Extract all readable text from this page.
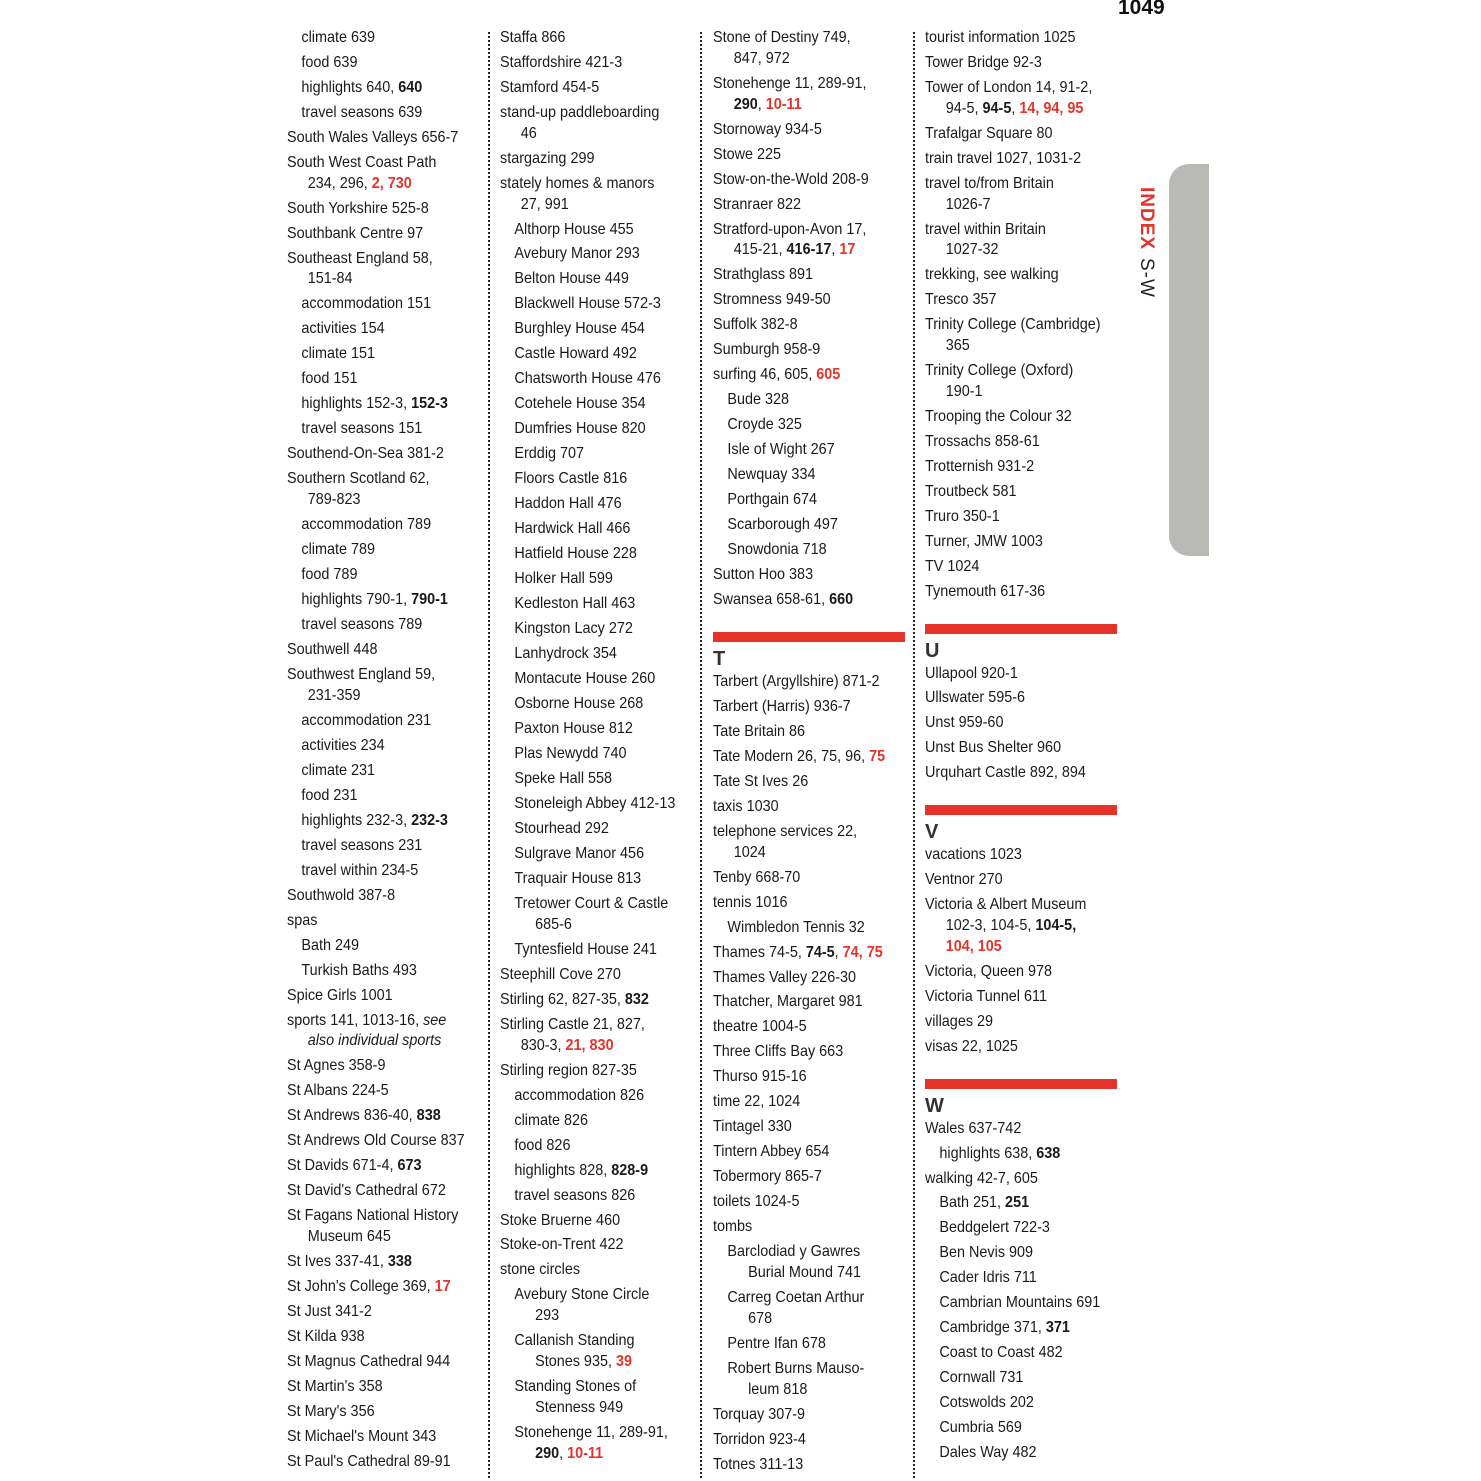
1049
climate 639
food 639
highlights 640, 640
travel seasons 639
South Wales Valleys 656-7
South West Coast Path
234, 296, 2, 730
South Yorkshire 525-8
Southbank Centre 97
Southeast England 58,
151-84
accommodation 151
activities 154
climate 151
food 151
highlights 152-3, 152-3
travel seasons 151
Southend-On-Sea 381-2
Southern Scotland 62,
789-823
accommodation 789
climate 789
food 789
highlights 790-1, 790-1
travel seasons 789
Southwell 448
Southwest England 59,
231-359
accommodation 231
activities 234
climate 231
food 231
highlights 232-3, 232-3
travel seasons 231
travel within 234-5
Southwold 387-8
spas
Bath 249
Turkish Baths 493
Spice Girls 1001
sports 141, 1013-16, see
also individual sports
St Agnes 358-9
St Albans 224-5
St Andrews 836-40, 838
St Andrews Old Course 837
St Davids 671-4, 673
St David's Cathedral 672
St Fagans National History
Museum 645
St Ives 337-41, 338
St John's College 369, 17
St Just 341-2
St Kilda 938
St Magnus Cathedral 944
St Martin's 358
St Mary's 356
St Michael's Mount 343
St Paul's Cathedral 89-91
Staffa 866
Staffordshire 421-3
Stamford 454-5
stand-up paddleboarding
46
stargazing 299
stately homes & manors
27, 991
Althorp House 455
Avebury Manor 293
Belton House 449
Blackwell House 572-3
Burghley House 454
Castle Howard 492
Chatsworth House 476
Cotehele House 354
Dumfries House 820
Erddig 707
Floors Castle 816
Haddon Hall 476
Hardwick Hall 466
Hatfield House 228
Holker Hall 599
Kedleston Hall 463
Kingston Lacy 272
Lanhydrock 354
Montacute House 260
Osborne House 268
Paxton House 812
Plas Newydd 740
Speke Hall 558
Stoneleigh Abbey 412-13
Stourhead 292
Sulgrave Manor 456
Traquair House 813
Tretower Court & Castle
685-6
Tyntesfield House 241
Steephill Cove 270
Stirling 62, 827-35, 832
Stirling Castle 21, 827,
830-3, 21, 830
Stirling region 827-35
accommodation 826
climate 826
food 826
highlights 828, 828-9
travel seasons 826
Stoke Bruerne 460
Stoke-on-Trent 422
stone circles
Avebury Stone Circle
293
Callanish Standing
Stones 935, 39
Standing Stones of
Stenness 949
Stonehenge 11, 289-91,
290, 10-11
Stone of Destiny 749,
847, 972
Stonehenge 11, 289-91,
290, 10-11
Stornoway 934-5
Stowe 225
Stow-on-the-Wold 208-9
Stranraer 822
Stratford-upon-Avon 17,
415-21, 416-17, 17
Strathglass 891
Stromness 949-50
Suffolk 382-8
Sumburgh 958-9
surfing 46, 605, 605
Bude 328
Croyde 325
Isle of Wight 267
Newquay 334
Porthgain 674
Scarborough 497
Snowdonia 718
Sutton Hoo 383
Swansea 658-61, 660
T
Tarbert (Argyllshire) 871-2
Tarbert (Harris) 936-7
Tate Britain 86
Tate Modern 26, 75, 96, 75
Tate St Ives 26
taxis 1030
telephone services 22,
1024
Tenby 668-70
tennis 1016
Wimbledon Tennis 32
Thames 74-5, 74-5, 74, 75
Thames Valley 226-30
Thatcher, Margaret 981
theatre 1004-5
Three Cliffs Bay 663
Thurso 915-16
time 22, 1024
Tintagel 330
Tintern Abbey 654
Tobermory 865-7
toilets 1024-5
tombs
Barclodiad y Gawres
Burial Mound 741
Carreg Coetan Arthur
678
Pentre Ifan 678
Robert Burns Mauso-
leum 818
Torquay 307-9
Torridon 923-4
Totnes 311-13
tourist information 1025
Tower Bridge 92-3
Tower of London 14, 91-2,
94-5, 94-5, 14, 94, 95
Trafalgar Square 80
train travel 1027, 1031-2
travel to/from Britain
1026-7
travel within Britain
1027-32
trekking, see walking
Tresco 357
Trinity College (Cambridge)
365
Trinity College (Oxford)
190-1
Trooping the Colour 32
Trossachs 858-61
Trotternish 931-2
Troutbeck 581
Truro 350-1
Turner, JMW 1003
TV 1024
Tynemouth 617-36
U
Ullapool 920-1
Ullswater 595-6
Unst 959-60
Unst Bus Shelter 960
Urquhart Castle 892, 894
V
vacations 1023
Ventnor 270
Victoria & Albert Museum
102-3, 104-5, 104-5,
104, 105
Victoria, Queen 978
Victoria Tunnel 611
villages 29
visas 22, 1025
W
Wales 637-742
highlights 638, 638
walking 42-7, 605
Bath 251, 251
Beddgelert 722-3
Ben Nevis 909
Cader Idris 711
Cambrian Mountains 691
Cambridge 371, 371
Coast to Coast 482
Cornwall 731
Cotswolds 202
Cumbria 569
Dales Way 482
INDEX
S-W
